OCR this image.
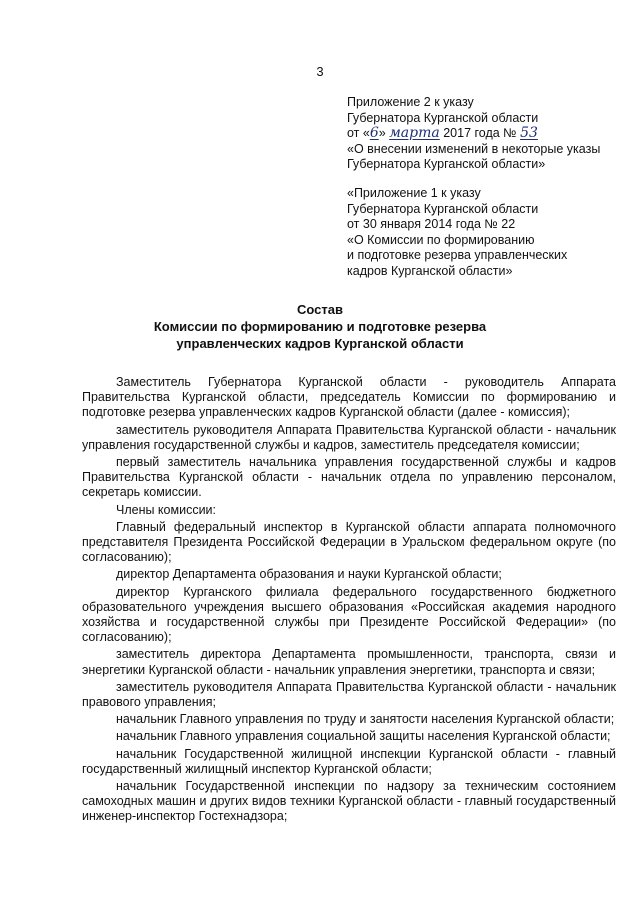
3
Приложение 2 к указу
Губернатора Курганской области
от «6» марта 2017 года № 53
«О внесении изменений в некоторые указы
Губернатора Курганской области»
«Приложение 1 к указу
Губернатора Курганской области
от 30 января 2014 года № 22
«О Комиссии по формированию
и подготовке резерва управленческих
кадров Курганской области»
Состав
Комиссии по формированию и подготовке резерва
управленческих кадров Курганской области

Заместитель Губернатора Курганской области - руководитель Аппарата Правительства Курганской области, председатель Комиссии по формированию и подготовке резерва управленческих кадров Курганской области (далее - комиссия);

заместитель руководителя Аппарата Правительства Курганской области - начальник управления государственной службы и кадров, заместитель председателя комиссии;

первый заместитель начальника управления государственной службы и кадров Правительства Курганской области - начальник отдела по управлению персоналом, секретарь комиссии.

Члены комиссии:

Главный федеральный инспектор в Курганской области аппарата полномочного представителя Президента Российской Федерации в Уральском федеральном округе (по согласованию);

директор Департамента образования и науки Курганской области;

директор Курганского филиала федерального государственного бюджетного образовательного учреждения высшего образования «Российская академия народного хозяйства и государственной службы при Президенте Российской Федерации» (по согласованию);

заместитель директора Департамента промышленности, транспорта, связи и энергетики Курганской области - начальник управления энергетики, транспорта и связи;

заместитель руководителя Аппарата Правительства Курганской области - начальник правового управления;

начальник Главного управления по труду и занятости населения Курганской области;

начальник Главного управления социальной защиты населения Курганской области;

начальник Государственной жилищной инспекции Курганской области - главный государственный жилищный инспектор Курганской области;

начальник Государственной инспекции по надзору за техническим состоянием самоходных машин и других видов техники Курганской области - главный государственный инженер-инспектор Гостехнадзора;
